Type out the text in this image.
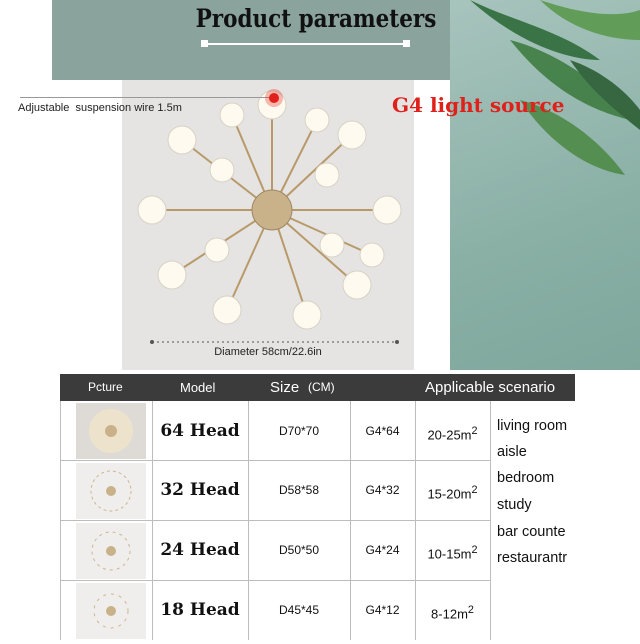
Product parameters
Adjustable  suspension wire 1.5m	G4 light source
Diameter 58cm/22.6in
Pcture	Model	Size (CM)	Applicable scenario
64 Head	D70*70	G4*64	$20-25m^2$
32 Head	D58*58	G4*32	$15-20m^2$
24 Head	D50*50	G4*24	$10-15m^2$
18 Head	D45*45	G4*12	$8-12m^2$
living room
aisle
bedroom
study
bar counte
restaurantr
